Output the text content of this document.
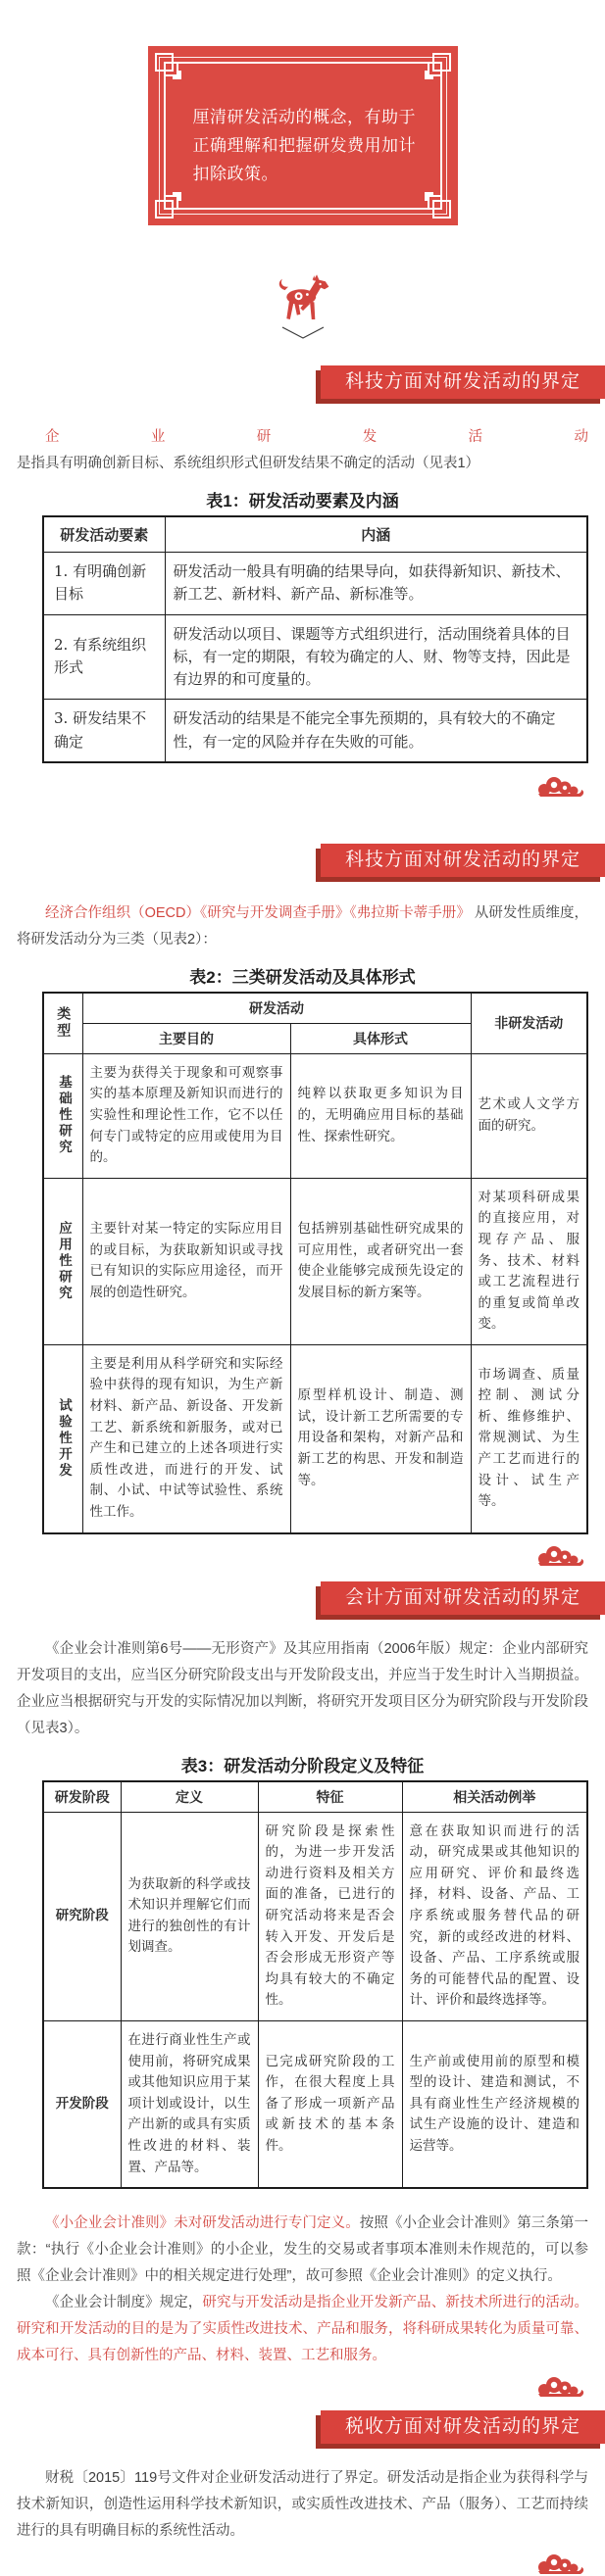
厘清研发活动的概念，有助于正确理解和把握研发费用加计扣除政策。
科技方面对研发活动的界定

企业研发活动是指具有明确创新目标、系统组织形式但研发结果不确定的活动（见表1）

表1：研发活动要素及内涵
研发活动要素	内涵
1. 有明确创新目标	研发活动一般具有明确的结果导向，如获得新知识、新技术、新工艺、新材料、新产品、新标准等。
2. 有系统组织形式	研发活动以项目、课题等方式组织进行，活动围绕着具体的目标，有一定的期限，有较为确定的人、财、物等支持，因此是有边界的和可度量的。
3. 研发结果不确定	研发活动的结果是不能完全事先预期的，具有较大的不确定性，有一定的风险并存在失败的可能。
科技方面对研发活动的界定

经济合作组织（OECD）《研究与开发调查手册》《弗拉斯卡蒂手册》 从研发性质维度，将研发活动分为三类（见表2）：

表2：三类研发活动及具体形式
类型	研发活动		非研发活动
	主要目的	具体形式	

基础性研究	主要为获得关于现象和可观察事实的基本原理及新知识而进行的实验性和理论性工作，它不以任何专门或特定的应用或使用为目的。	纯粹以获取更多知识为目的，无明确应用目标的基础性、探索性研究。	艺术或人文学方面的研究。

应用性研究	主要针对某一特定的实际应用目的或目标，为获取新知识或寻找已有知识的实际应用途径，而开展的创造性研究。	包括辨别基础性研究成果的可应用性，或者研究出一套使企业能够完成预先设定的发展目标的新方案等。	对某项科研成果的直接应用，对现存产品、服务、技术、材料或工艺流程进行的重复或简单改变。

试验性开发	主要是利用从科学研究和实际经验中获得的现有知识，为生产新材料、新产品、新设备、开发新工艺、新系统和新服务，或对已产生和已建立的上述各项进行实质性改进，而进行的开发、试制、小试、中试等试验性、系统性工作。	原型样机设计、制造、测试，设计新工艺所需要的专用设备和架构，对新产品和新工艺的构思、开发和制造等。	市场调查、质量控制、测试分析、维修维护、常规测试、为生产工艺而进行的设计、试生产等。
会计方面对研发活动的界定

《企业会计准则第6号——无形资产》及其应用指南（2006年版）规定：企业内部研究开发项目的支出，应当区分研究阶段支出与开发阶段支出，并应当于发生时计入当期损益。企业应当根据研究与开发的实际情况加以判断，将研究开发项目区分为研究阶段与开发阶段（见表3）。

表3：研发活动分阶段定义及特征
研发阶段	定义	特征	相关活动例举
研究阶段	为获取新的科学或技术知识并理解它们而进行的独创性的有计划调查。	研究阶段是探索性的，为进一步开发活动进行资料及相关方面的准备，已进行的研究活动将来是否会转入开发、开发后是否会形成无形资产等均具有较大的不确定性。	意在获取知识而进行的活动，研究成果或其他知识的应用研究、评价和最终选择，材料、设备、产品、工序系统或服务替代品的研究，新的或经改进的材料、设备、产品、工序系统或服务的可能替代品的配置、设计、评价和最终选择等。
开发阶段	在进行商业性生产或使用前，将研究成果或其他知识应用于某项计划或设计，以生产出新的或具有实质性改进的材料、装置、产品等。	已完成研究阶段的工作，在很大程度上具备了形成一项新产品或新技术的基本条件。	生产前或使用前的原型和模型的设计、建造和测试，不具有商业性生产经济规模的试生产设施的设计、建造和运营等。

《小企业会计准则》未对研发活动进行专门定义。按照《小企业会计准则》第三条第一款：“执行《小企业会计准则》的小企业，发生的交易或者事项本准则未作规范的，可以参照《企业会计准则》中的相关规定进行处理”，故可参照《企业会计准则》的定义执行。

《企业会计制度》规定，研究与开发活动是指企业开发新产品、新技术所进行的活动。研究和开发活动的目的是为了实质性改进技术、产品和服务，将科研成果转化为质量可靠、成本可行、具有创新性的产品、材料、装置、工艺和服务。

税收方面对研发活动的界定

财税〔2015〕119号文件对企业研发活动进行了界定。研发活动是指企业为获得科学与技术新知识，创造性运用科学技术新知识，或实质性改进技术、产品（服务）、工艺而持续进行的具有明确目标的系统性活动。
